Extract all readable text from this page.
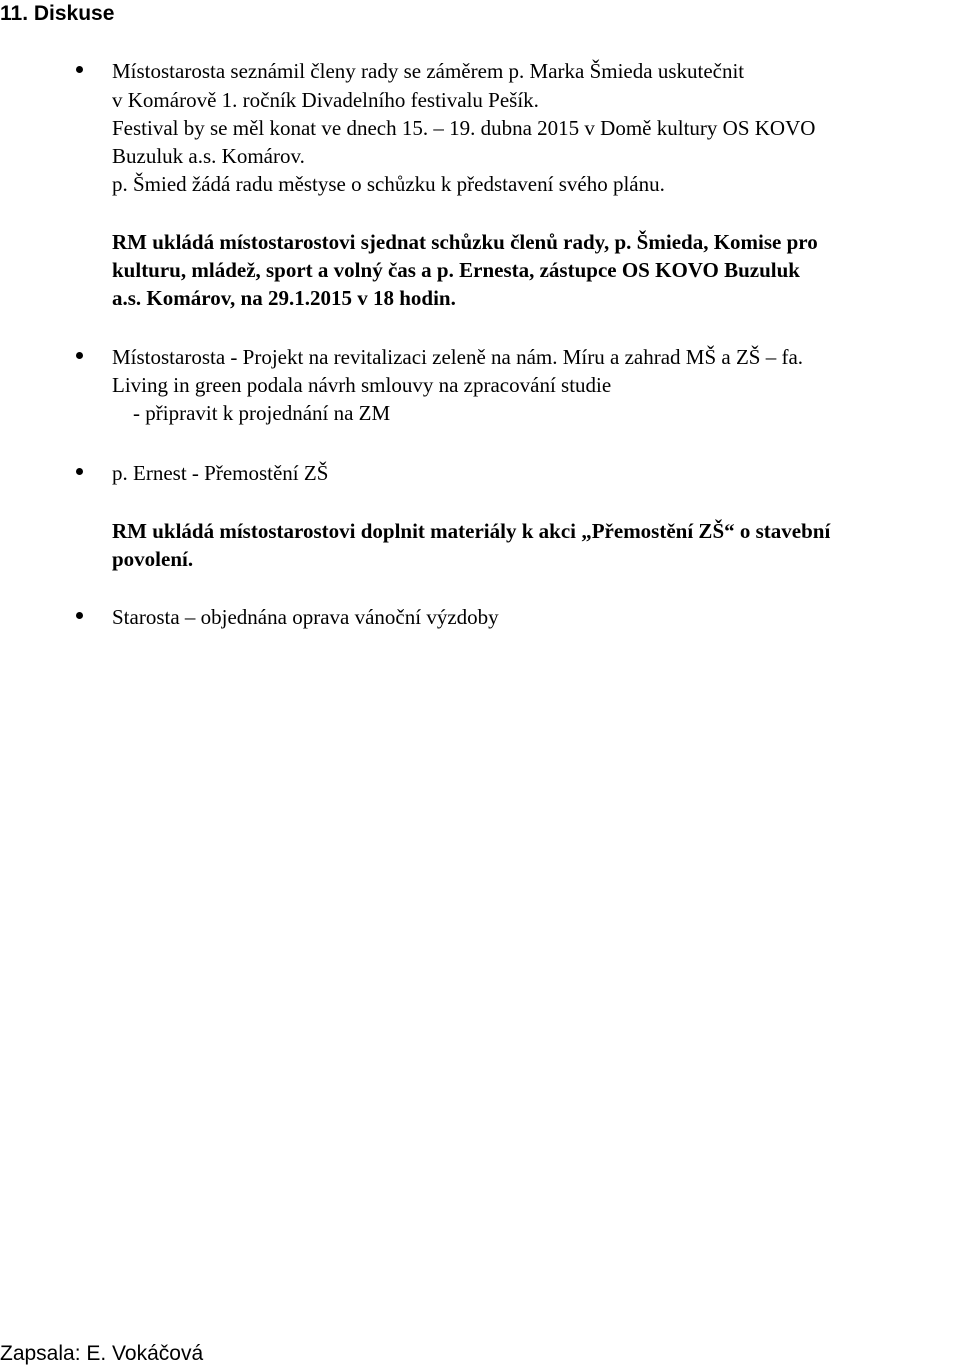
11. Diskuse
Místostarosta seznámil členy rady se záměrem p. Marka Šmieda uskutečnit
v Komárově 1. ročník Divadelního festivalu Pešík.
Festival by se měl konat ve dnech 15. – 19. dubna 2015 v Domě kultury OS KOVO
Buzuluk a.s. Komárov.
p. Šmied žádá radu městyse o schůzku k představení svého plánu.
RM ukládá místostarostovi sjednat schůzku členů rady, p. Šmieda, Komise pro
kulturu, mládež, sport a volný čas a p. Ernesta, zástupce OS KOVO Buzuluk
a.s. Komárov, na 29.1.2015 v 18 hodin.
Místostarosta - Projekt na revitalizaci zeleně na nám. Míru a zahrad MŠ a ZŠ – fa.
Living in green podala návrh smlouvy na zpracování studie
- připravit k projednání na ZM
p. Ernest - Přemostění ZŠ
RM ukládá místostarostovi doplnit materiály k akci „Přemostění ZŠ“ o stavební
povolení.
Starosta – objednána oprava vánoční výzdoby
Zapsala: E. Vokáčová
